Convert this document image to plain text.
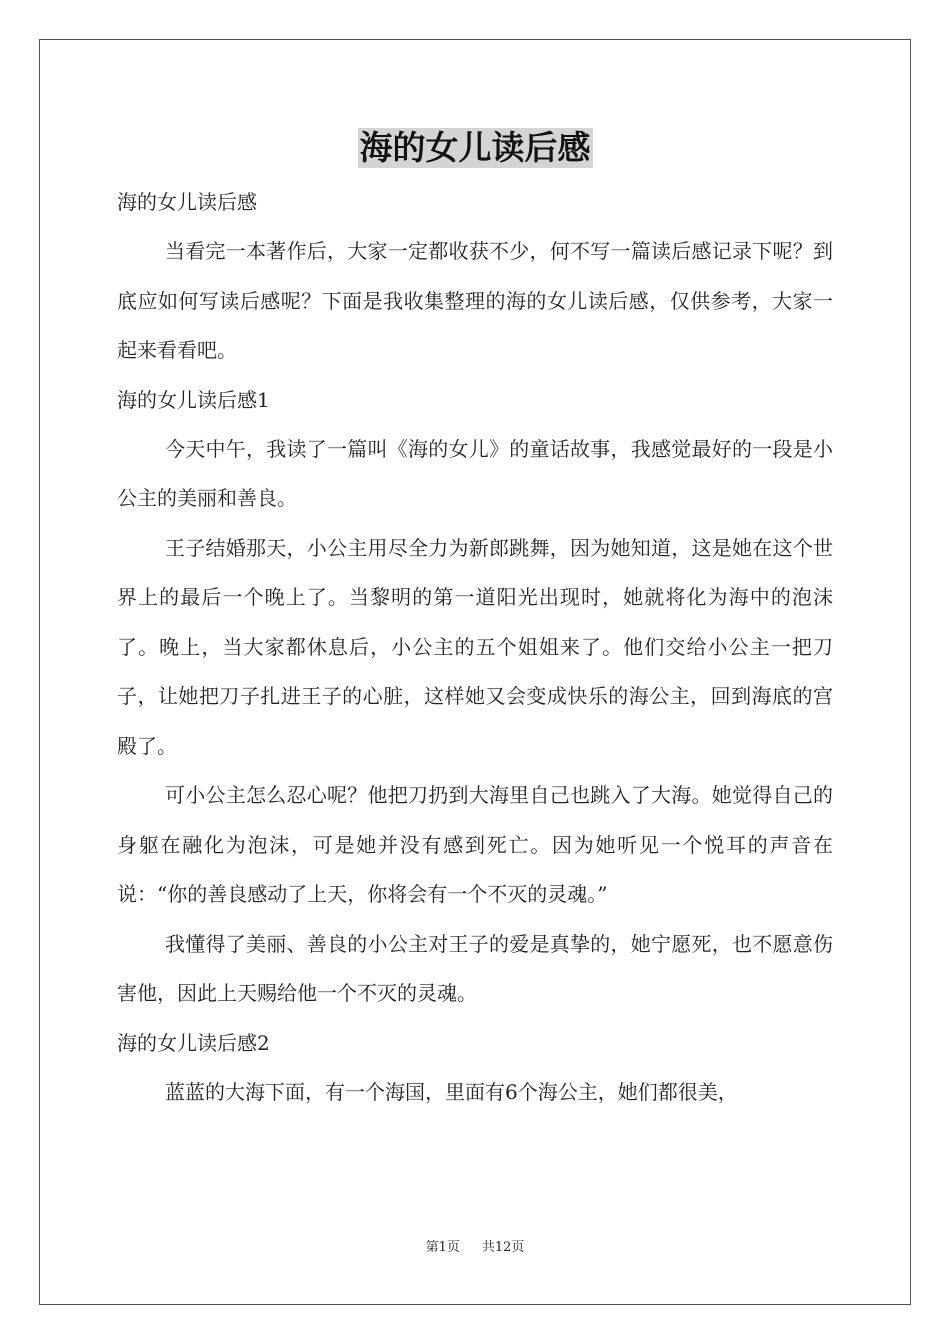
海的女儿读后感

海的女儿读后感

当看完一本著作后，大家一定都收获不少，何不写一篇读后感记录下呢？到底应如何写读后感呢？下面是我收集整理的海的女儿读后感，仅供参考，大家一起来看看吧。

海的女儿读后感1

今天中午，我读了一篇叫《海的女儿》的童话故事，我感觉最好的一段是小公主的美丽和善良。

王子结婚那天，小公主用尽全力为新郎跳舞，因为她知道，这是她在这个世界上的最后一个晚上了。当黎明的第一道阳光出现时，她就将化为海中的泡沫了。晚上，当大家都休息后，小公主的五个姐姐来了。他们交给小公主一把刀子，让她把刀子扎进王子的心脏，这样她又会变成快乐的海公主，回到海底的宫殿了。

可小公主怎么忍心呢？他把刀扔到大海里自己也跳入了大海。她觉得自己的身躯在融化为泡沫，可是她并没有感到死亡。因为她听见一个悦耳的声音在说：“你的善良感动了上天，你将会有一个不灭的灵魂。”

我懂得了美丽、善良的小公主对王子的爱是真挚的，她宁愿死，也不愿意伤害他，因此上天赐给他一个不灭的灵魂。

海的女儿读后感2

蓝蓝的大海下面，有一个海国，里面有6个海公主，她们都很美，

第1页 共12页
